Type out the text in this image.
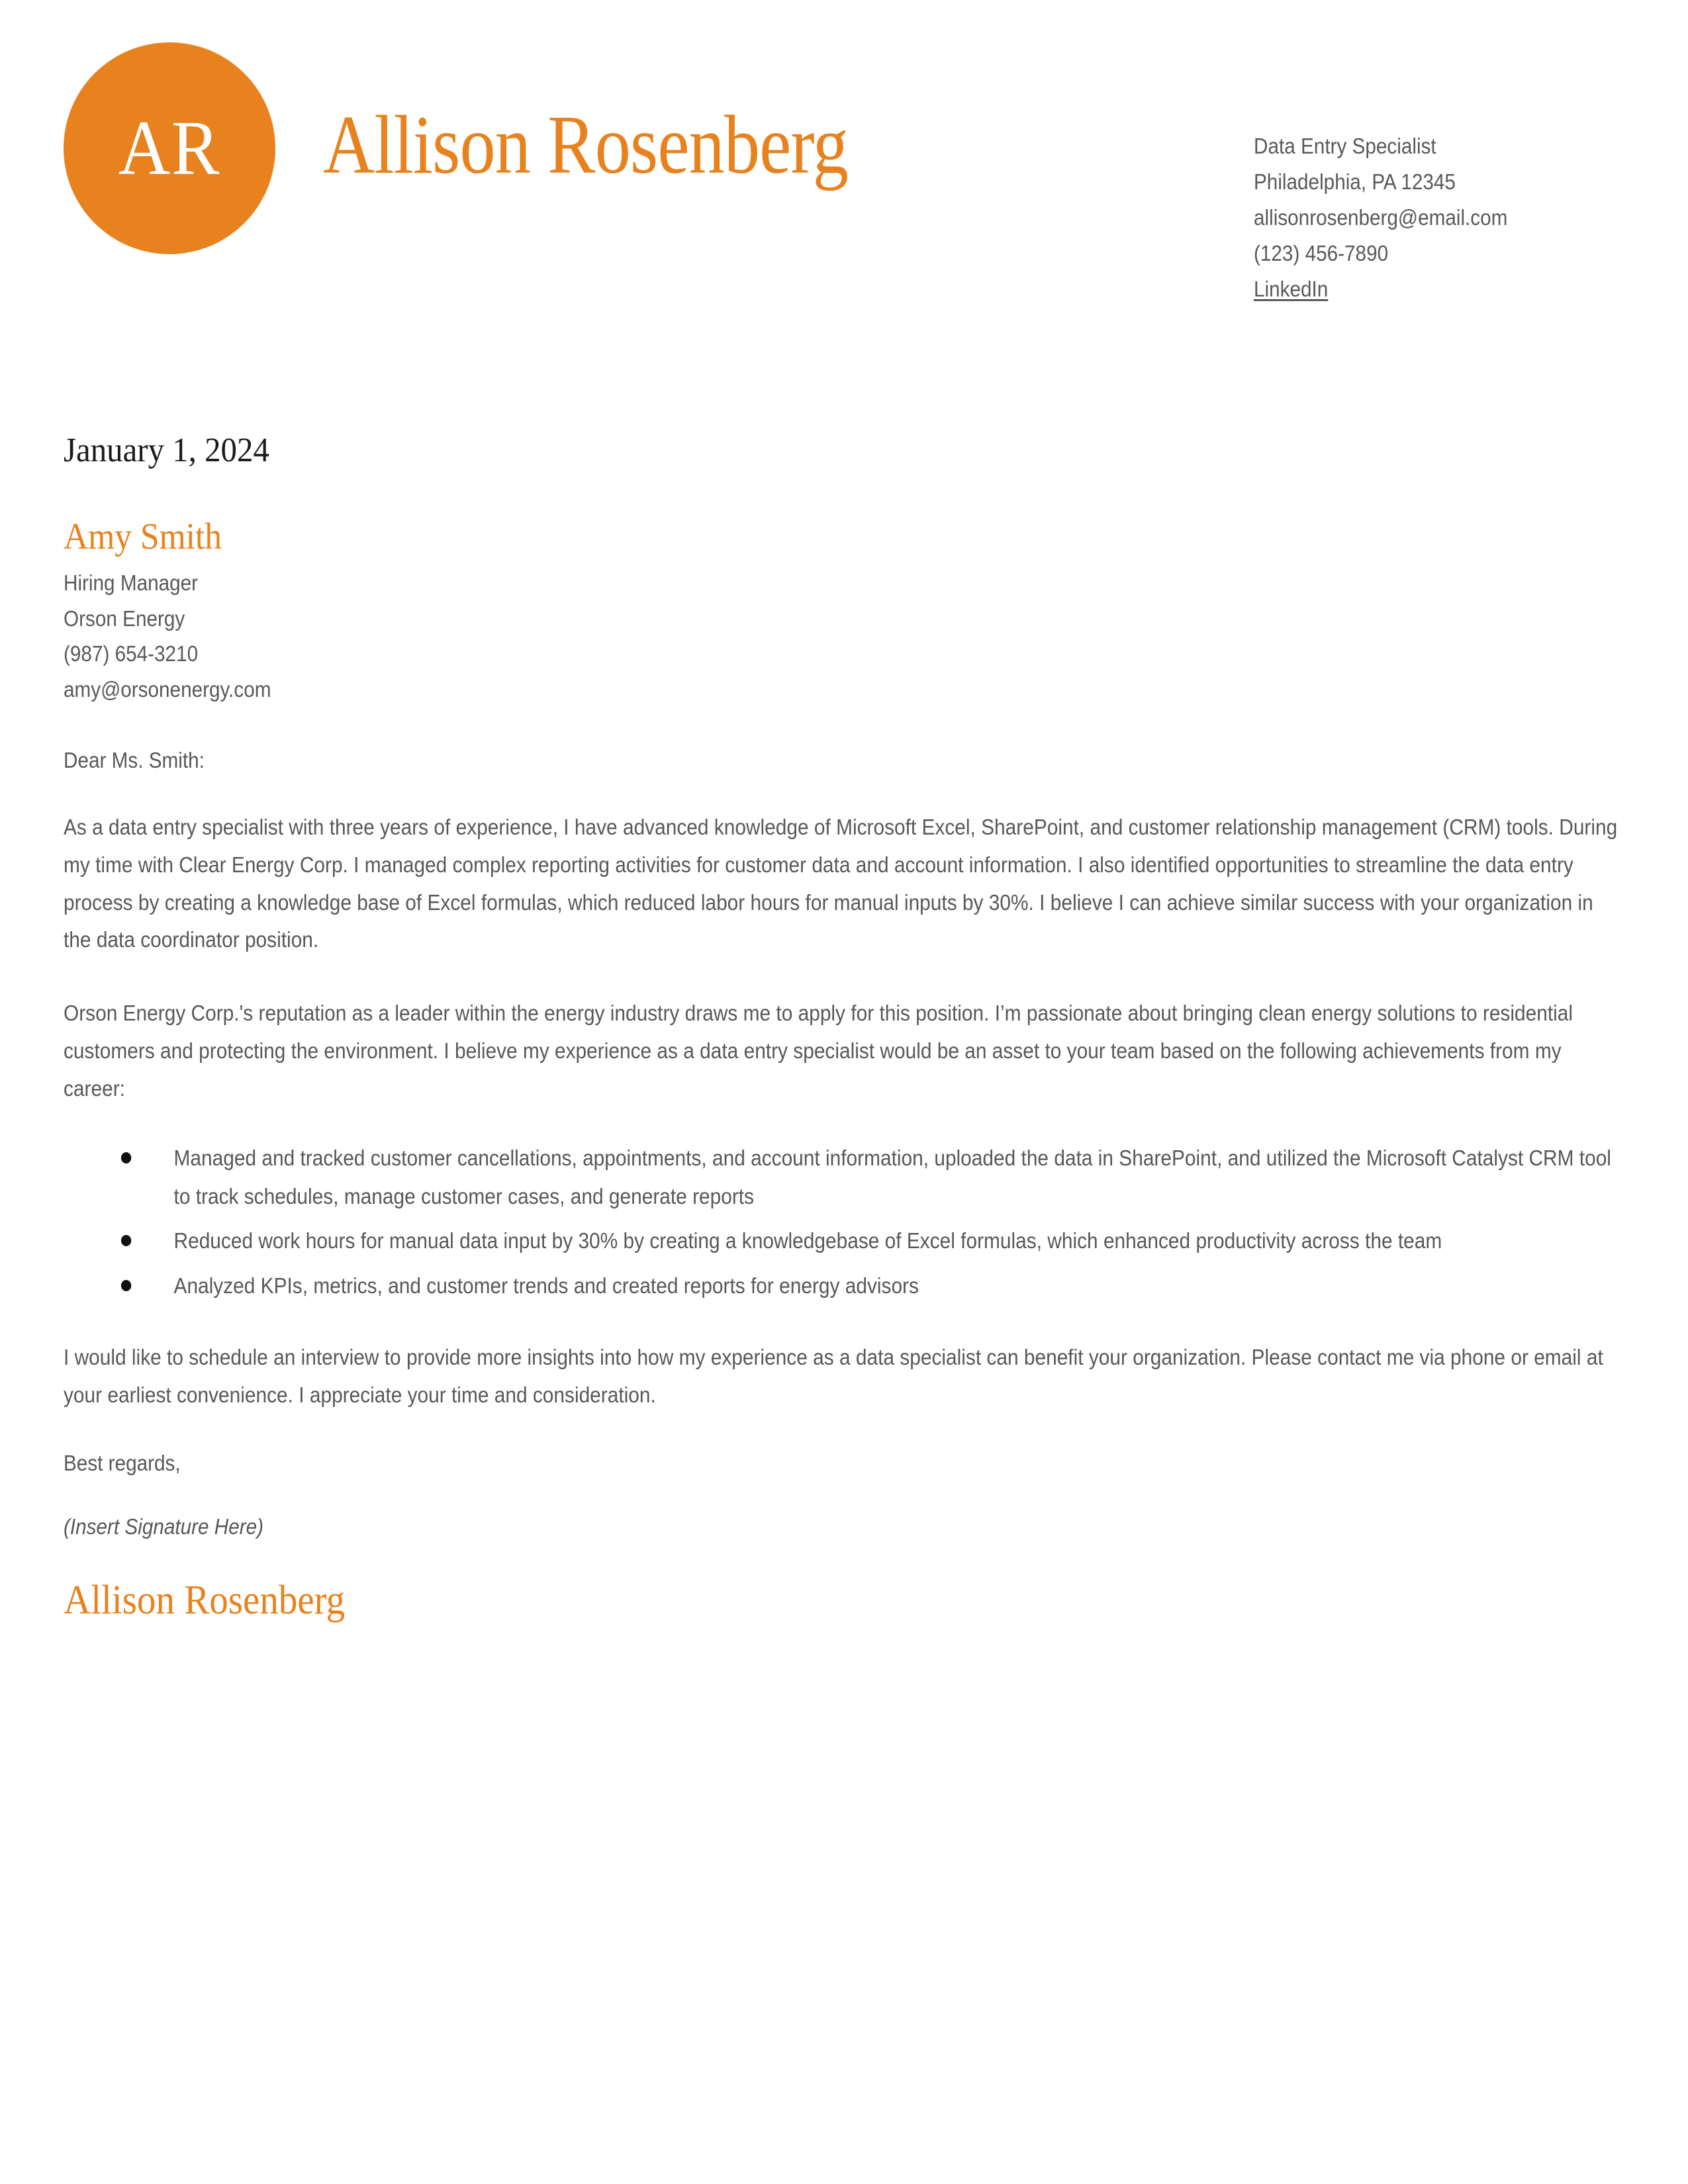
AR Allison Rosenberg	Data Entry Specialist
Philadelphia, PA 12345
allisonrosenberg@email.com
(123) 456-7890
LinkedIn
January 1, 2024
Amy Smith
Hiring Manager
Orson Energy
(987) 654-3210
amy@orsonenergy.com
Dear Ms. Smith:

As a data entry specialist with three years of experience, I have advanced knowledge of Microsoft Excel, SharePoint, and customer relationship management (CRM) tools. During my time with Clear Energy Corp. I managed complex reporting activities for customer data and account information. I also identified opportunities to streamline the data entry process by creating a knowledge base of Excel formulas, which reduced labor hours for manual inputs by 30%. I believe I can achieve similar success with your organization in the data coordinator position.

Orson Energy Corp.'s reputation as a leader within the energy industry draws me to apply for this position. I’m passionate about bringing clean energy solutions to residential customers and protecting the environment. I believe my experience as a data entry specialist would be an asset to your team based on the following achievements from my career:

Managed and tracked customer cancellations, appointments, and account information, uploaded the data in SharePoint, and utilized the Microsoft Catalyst CRM tool to track schedules, manage customer cases, and generate reports
Reduced work hours for manual data input by 30% by creating a knowledgebase of Excel formulas, which enhanced productivity across the team
Analyzed KPIs, metrics, and customer trends and created reports for energy advisors

I would like to schedule an interview to provide more insights into how my experience as a data specialist can benefit your organization. Please contact me via phone or email at your earliest convenience. I appreciate your time and consideration.

Best regards,
(Insert Signature Here)
Allison Rosenberg
